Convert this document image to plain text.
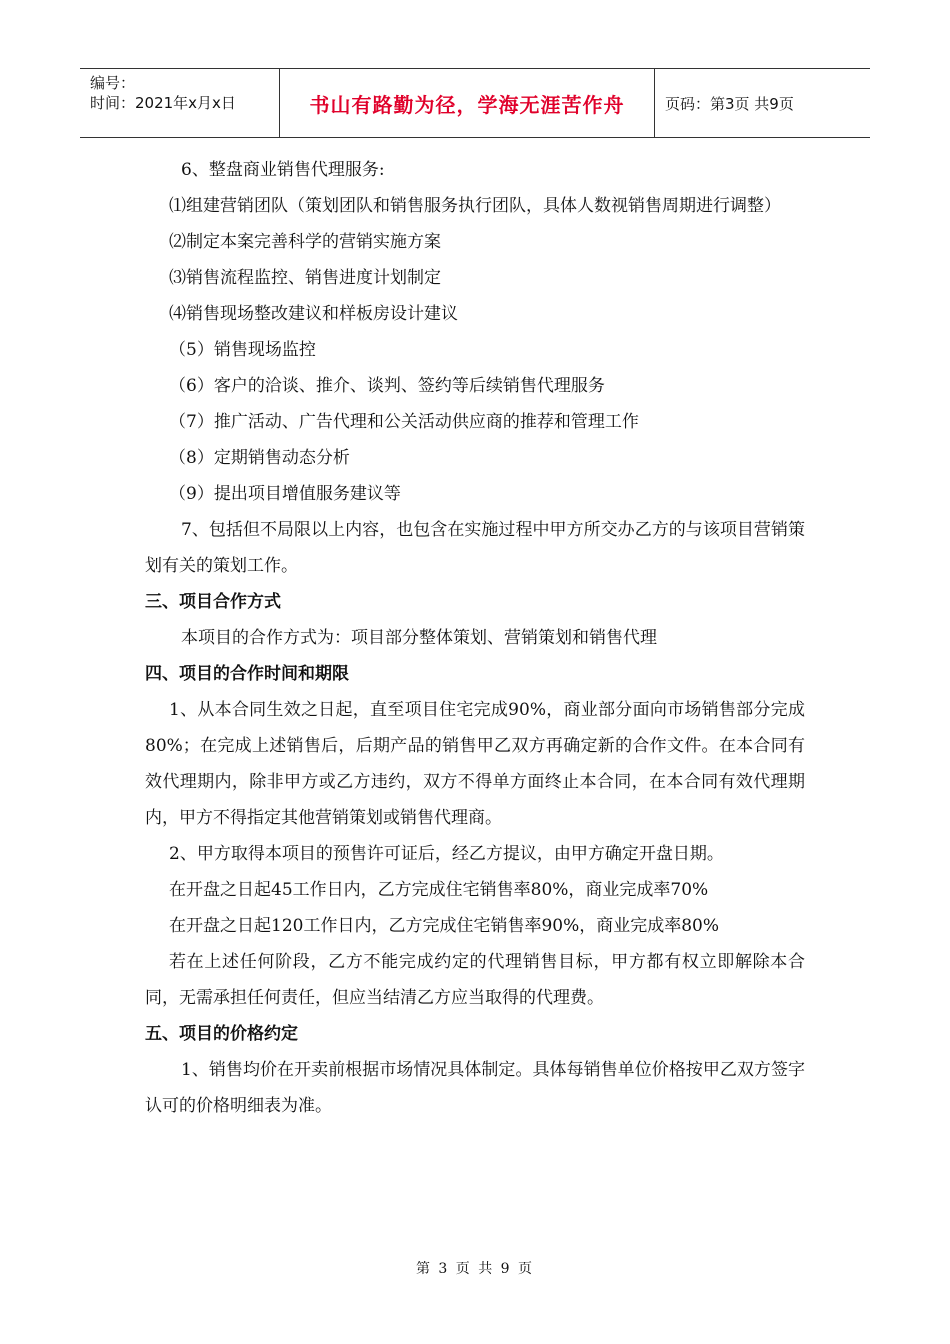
编号：
时间：2021年x月x日	书山有路勤为径，学海无涯苦作舟	页码：第3页 共9页
6、整盘商业销售代理服务:
⑴组建营销团队（策划团队和销售服务执行团队，具体人数视销售周期进行调整）
⑵制定本案完善科学的营销实施方案
⑶销售流程监控、销售进度计划制定
⑷销售现场整改建议和样板房设计建议
（5）销售现场监控
（6）客户的洽谈、推介、谈判、签约等后续销售代理服务
（7）推广活动、广告代理和公关活动供应商的推荐和管理工作
（8）定期销售动态分析
（9）提出项目增值服务建议等
7、包括但不局限以上内容，也包含在实施过程中甲方所交办乙方的与该项目营销策划有关的策划工作。
三、项目合作方式
本项目的合作方式为：项目部分整体策划、营销策划和销售代理
四、项目的合作时间和期限
1、从本合同生效之日起，直至项目住宅完成90%，商业部分面向市场销售部分完成80%；在完成上述销售后，后期产品的销售甲乙双方再确定新的合作文件。在本合同有效代理期内，除非甲方或乙方违约，双方不得单方面终止本合同，在本合同有效代理期内，甲方不得指定其他营销策划或销售代理商。
2、甲方取得本项目的预售许可证后，经乙方提议，由甲方确定开盘日期。
在开盘之日起45工作日内，乙方完成住宅销售率80%，商业完成率70%
在开盘之日起120工作日内，乙方完成住宅销售率90%，商业完成率80%
若在上述任何阶段，乙方不能完成约定的代理销售目标，甲方都有权立即解除本合同，无需承担任何责任，但应当结清乙方应当取得的代理费。
五、项目的价格约定
1、销售均价在开卖前根据市场情况具体制定。具体每销售单位价格按甲乙双方签字认可的价格明细表为准。
第 3 页 共 9 页
